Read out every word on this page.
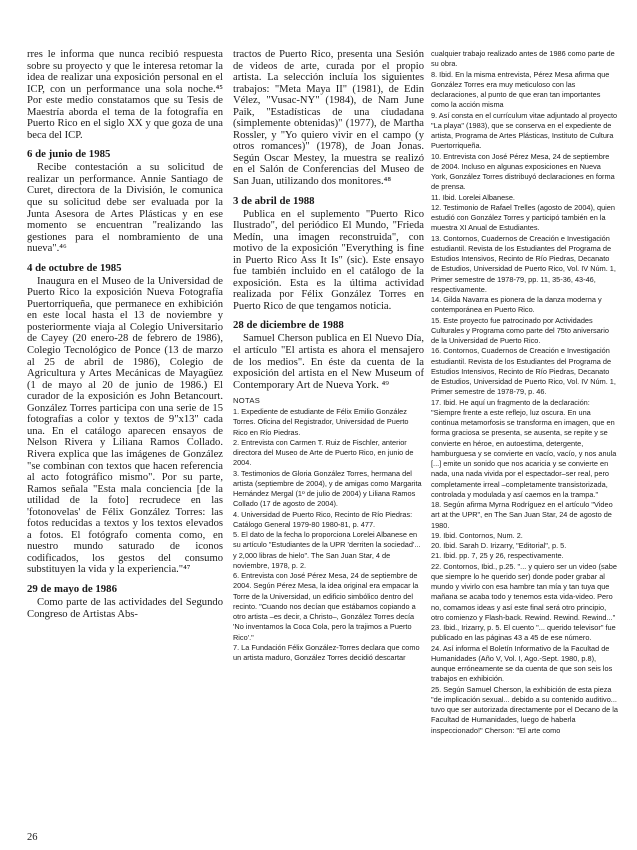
rres le informa que nunca recibió respuesta sobre su proyecto y que le interesa retomar la idea de realizar una exposición personal en el ICP, con un performance una sola noche.⁴⁵ Por este medio constatamos que su Tesis de Maestría aborda el tema de la fotografía en Puerto Rico en el siglo XX y que goza de una beca del ICP.

6 de junio de 1985

Recibe contestación a su solicitud de realizar un performance. Annie Santiago de Curet, directora de la División, le comunica que su solicitud debe ser evaluada por la Junta Asesora de Artes Plásticas y en ese momento se encuentran "realizando las gestiones para el nombramiento de una nueva".⁴⁶

4 de octubre de 1985

Inaugura en el Museo de la Universidad de Puerto Rico la exposición Nueva Fotografía Puertorriqueña, que permanece en exhibición en este local hasta el 13 de noviembre y posteriormente viaja al Colegio Universitario de Cayey (20 enero-28 de febrero de 1986), Colegio Tecnológico de Ponce (13 de marzo al 25 de abril de 1986), Colegio de Agricultura y Artes Mecánicas de Mayagüez (1 de mayo al 20 de junio de 1986.) El curador de la exposición es John Betancourt. González Torres participa con una serie de 15 fotografías a color y textos de 9"x13" cada una. En el catálogo aparecen ensayos de Nelson Rivera y Liliana Ramos Collado. Rivera explica que las imágenes de González "se combinan con textos que hacen referencia al acto fotográfico mismo". Por su parte, Ramos señala "Esta mala conciencia [de la utilidad de la foto] recrudece en las 'fotonovelas' de Félix González Torres: las fotos reducidas a textos y los textos elevados a fotos. El fotógrafo comenta como, en nuestro mundo saturado de iconos codificados, los gestos del consumo substituyen la vida y la experiencia."⁴⁷

29 de mayo de 1986

Como parte de las actividades del Segundo Congreso de Artistas Abs-

tractos de Puerto Rico, presenta una Sesión de videos de arte, curada por el propio artista. La selección incluía los siguientes trabajos: "Meta Maya II" (1981), de Edin Vélez, "Vusac-NY" (1984), de Nam June Paik, "Estadísticas de una ciudadana (simplemente obtenidas)" (1977), de Martha Rossler, y "Yo quiero vivir en el campo (y otros romances)" (1978), de Joan Jonas. Según Oscar Mestey, la muestra se realizó en el Salón de Conferencias del Museo de San Juan, utilizando dos monitores.⁴⁸

3 de abril de 1988

Publica en el suplemento "Puerto Rico Ilustrado", del periódico El Mundo, "Frieda Medín, una imagen reconstruida", con motivo de la exposición "Everything is fine in Puerto Rico Ass It Is" (sic). Este ensayo fue también incluido en el catálogo de la exposición. Esta es la última actividad realizada por Félix González Torres en Puerto Rico de que tengamos noticia.

28 de diciembre de 1988

Samuel Cherson publica en El Nuevo Día, el artículo "El artista es ahora el mensajero de los medios". En éste da cuenta de la exposición del artista en el New Museum of Contemporary Art de Nueva York. ⁴⁹

NOTAS

1. Expediente de estudiante de Félix Emilio González Torres. Oficina del Registrador, Universidad de Puerto Rico en Río Piedras.

2. Entrevista con Carmen T. Ruiz de Fischler, anterior directora del Museo de Arte de Puerto Rico, en junio de 2004.

3. Testimonios de Gloria González Torres, hermana del artista (septiembre de 2004), y de amigas como Margarita Hernández Mergal (1º de julio de 2004) y Liliana Ramos Collado (17 de agosto de 2004).

4. Universidad de Puerto Rico, Recinto de Río Piedras: Catálogo General 1979-80 1980-81, p. 477.

5. El dato de la fecha lo proporciona Lorelei Albanese en su artículo "Estudiantes de la UPR 'derriten la sociedad'... y 2,000 libras de hielo". The San Juan Star, 4 de noviembre, 1978, p. 2.

6. Entrevista con José Pérez Mesa, 24 de septiembre de 2004. Según Pérez Mesa, la idea original era empacar la Torre de la Universidad, un edificio simbólico dentro del recinto. "Cuando nos decían que estábamos copiando a otro artista –es decir, a Christo–, González Torres decía 'No inventamos la Coca Cola, pero la trajimos a Puerto Rico'."

7. La Fundación Félix González-Torres declara que como un artista maduro, González Torres decidió descartar

cualquier trabajo realizado antes de 1986 como parte de su obra.

8. Ibid. En la misma entrevista, Pérez Mesa afirma que González Torres era muy meticuloso con las declaraciones, al punto de que eran tan importantes como la acción misma

9. Así consta en el currículum vitae adjuntado al proyecto "La playa" (1983), que se conserva en el expediente de artista, Programa de Artes Plásticas, Instituto de Cultura Puertorriqueña.

10. Entrevista con José Pérez Mesa, 24 de septiembre de 2004. Incluso en algunas exposiciones en Nueva York, González Torres distribuyó declaraciones en forma de prensa.

11. Ibid. Lorelei Albanese.

12. Testimonio de Rafael Trelles (agosto de 2004), quien estudió con González Torres y participó también en la muestra XI Anual de Estudiantes.

13. Contornos, Cuadernos de Creación e Investigación estudiantil. Revista de los Estudiantes del Programa de Estudios Intensivos, Recinto de Río Piedras, Decanato de Estudios, Universidad de Puerto Rico, Vol. IV Núm. 1, Primer semestre de 1978-79, pp. 11, 35-36, 43-46, respectivamente.

14. Gilda Navarra es pionera de la danza moderna y contemporánea en Puerto Rico.

15. Este proyecto fue patrocinado por Actividades Culturales y Programa como parte del 75to aniversario de la Universidad de Puerto Rico.

16. Contornos, Cuadernos de Creación e Investigación estudiantil. Revista de los Estudiantes del Programa de Estudios Intensivos, Recinto de Río Piedras, Decanato de Estudios, Universidad de Puerto Rico, Vol. IV Núm. 1, Primer semestre de 1978-79, p. 46.

17. Ibid. He aquí un fragmento de la declaración: "Siempre frente a este reflejo, luz oscura. En una continua metamorfosis se transforma en imagen, que en forma graciosa se presenta, se ausenta, se repite y se convierte en héroe, en autoestima, detergente, hamburguesa y se convierte en vacío, vacío, y nos anula [...] emite un sonido que nos acaricia y se convierte en nada, una nada vivida por el espectador–ser real, pero completamente irreal –completamente transistorizada, controlada y modulada y así caemos en la trampa."

18. Según afirma Myrna Rodríguez en el artículo "Video art at the UPR", en The San Juan Star, 24 de agosto de 1980.

19. Ibid. Contornos, Num. 2.

20. Ibid. Sarah D. Irizarry, "Editorial", p. 5.

21. Ibid. pp. 7, 25 y 26, respectivamente.

22. Contornos, Ibid., p.25. "... y quiero ser un video (sabe que siempre lo he querido ser) donde poder grabar al mundo y vivirlo con esa hambre tan mía y tan tuya que mañana se acaba todo y tenemos esta vida-video. Pero no, comamos ideas y así este final será otro principio, otro comienzo y Flash-back. Rewind. Rewind. Rewind..."

23. Ibid., Irizarry, p. 5. El cuento "... querido televisor" fue publicado en las páginas 43 a 45 de ese número.

24. Así informa el Boletín Informativo de la Facultad de Humanidades (Año V, Vol. I, Ago.-Sept. 1980, p.8), aunque erróneamente se da cuenta de que son seis los trabajos en exhibición.

25. Según Samuel Cherson, la exhibición de esta pieza "de implicación sexual... debido a su contenido auditivo... tuvo que ser autorizada directamente por el Decano de la Facultad de Humanidades, luego de haberla inspeccionado!" Cherson: "El arte como

26
